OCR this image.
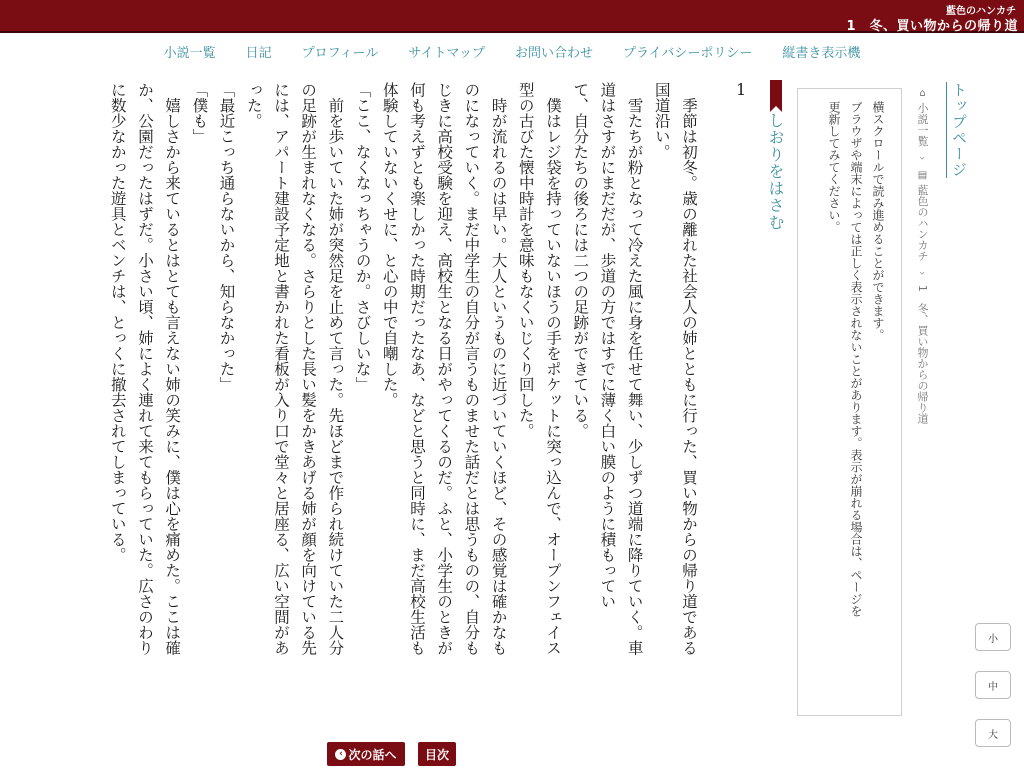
藍色のハンカチ
1　冬、買い物からの帰り道
小説一覧 日記 プロフィール サイトマップ お問い合わせ プライバシーポリシー 縦書き表示機
トップページ
⌂ 小説一覧 › ▤ 藍色のハンカチ › 1　冬、買い物からの帰り道
横スクロールで読み進めることができます。
ブラウザや端末によっては正しく表示されないことがあります。表示が崩れる場合は、ページを
更新してみてください。
しおりをはさむ
1

　季節は初冬。歳の離れた社会人の姉とともに行った、買い物からの帰り道である

国道沿い。

　雪たちが粉となって冷えた風に身を任せて舞い、少しずつ道端に降りていく。車

道はさすがにまだだが、歩道の方ではすでに薄く白い膜のように積もってい

て、自分たちの後ろには二つの足跡ができている。

　僕はレジ袋を持っていないほうの手をポケットに突っ込んで、オープンフェイス

型の古びた懐中時計を意味もなくいじくり回した。

　時が流れるのは早い。大人というものに近づいていくほど、その感覚は確かなも

のになっていく。まだ中学生の自分が言うものませた話だとは思うものの、自分も

じきに高校受験を迎え、高校生となる日がやってくるのだ。ふと、小学生のときが

何も考えずとも楽しかった時期だったなあ、などと思うと同時に、まだ高校生活も

体験していないくせに、と心の中で自嘲した。

「ここ、なくなっちゃうのか。さびしいな」

　前を歩いていた姉が突然足を止めて言った。先ほどまで作られ続けていた二人分

の足跡が生まれなくなる。さらりとした長い髪をかきあげる姉が顔を向けている先

には、アパート建設予定地と書かれた看板が入り口で堂々と居座る、広い空間があ

った。

「最近こっち通らないから、知らなかった」

「僕も」

　嬉しさから来ているとはとても言えない姉の笑みに、僕は心を痛めた。ここは確

か、公園だったはずだ。小さい頃、姉によく連れて来てもらっていた。広さのわり

に数少なかった遊具とベンチは、とっくに撤去されてしまっている。

小
中
大
‹ 次の話へ	目次
